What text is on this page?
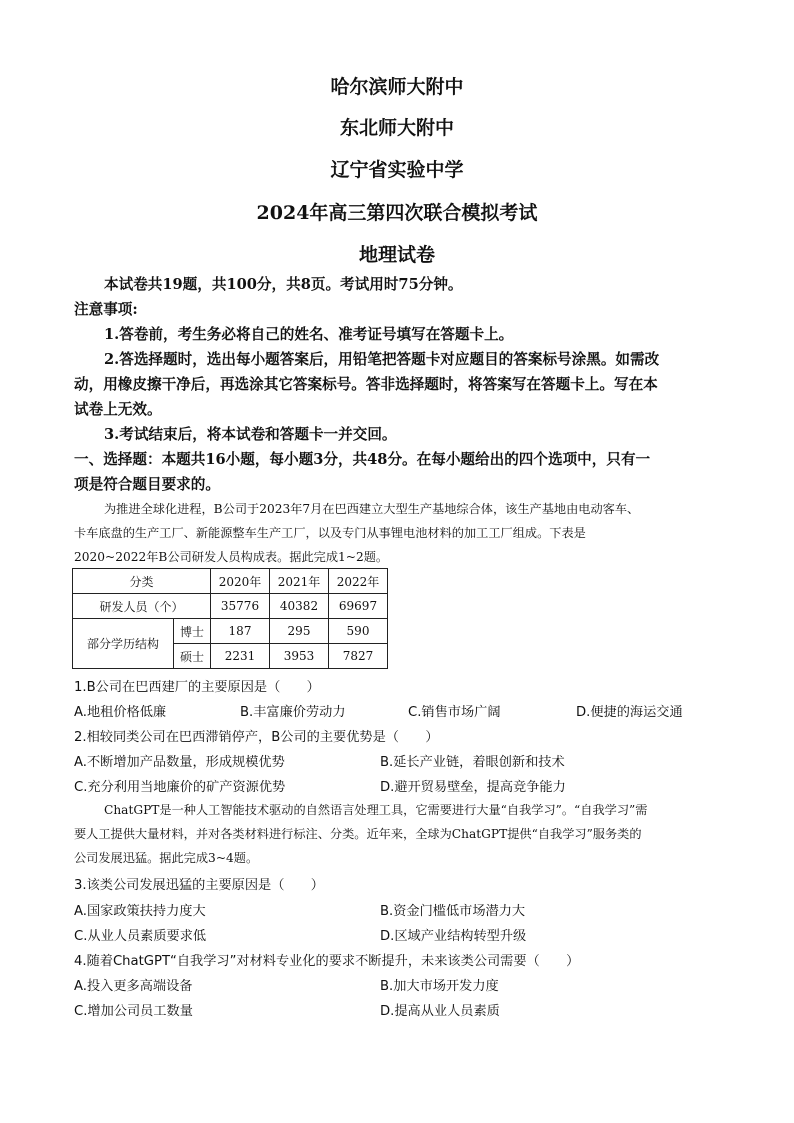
哈尔滨师大附中
东北师大附中
辽宁省实验中学
2024年高三第四次联合模拟考试
地理试卷
本试卷共19题，共100分，共8页。考试用时75分钟。
注意事项:
1.答卷前，考生务必将自己的姓名、准考证号填写在答题卡上。
2.答选择题时，选出每小题答案后，用铅笔把答题卡对应题目的答案标号涂黑。如需改
动，用橡皮擦干净后，再选涂其它答案标号。答非选择题时，将答案写在答题卡上。写在本
试卷上无效。
3.考试结束后，将本试卷和答题卡一并交回。
一、选择题：本题共16小题，每小题3分，共48分。在每小题给出的四个选项中，只有一
项是符合题目要求的。
为推进全球化进程，B公司于2023年7月在巴西建立大型生产基地综合体，该生产基地由电动客车、
卡车底盘的生产工厂、新能源整车生产工厂，以及专门从事锂电池材料的加工工厂组成。下表是
2020~2022年B公司研发人员构成表。据此完成1~2题。
分类		2020年	2021年	2022年
研发人员（个）		35776	40382	69697
部分学历结构	博士	187	295	590
	硕士	2231	3953	7827
1.B公司在巴西建厂的主要原因是（　　）
A.地租价格低廉	B.丰富廉价劳动力	C.销售市场广阔	D.便捷的海运交通
2.相较同类公司在巴西滞销停产，B公司的主要优势是（　　）
A.不断增加产品数量，形成规模优势	B.延长产业链，着眼创新和技术
C.充分利用当地廉价的矿产资源优势	D.避开贸易壁垒，提高竞争能力
ChatGPT是一种人工智能技术驱动的自然语言处理工具，它需要进行大量“自我学习”。“自我学习”需
要人工提供大量材料，并对各类材料进行标注、分类。近年来，全球为ChatGPT提供“自我学习”服务类的
公司发展迅猛。据此完成3~4题。
3.该类公司发展迅猛的主要原因是（　　）
A.国家政策扶持力度大	B.资金门槛低市场潜力大
C.从业人员素质要求低	D.区域产业结构转型升级
4.随着ChatGPT“自我学习”对材料专业化的要求不断提升，未来该类公司需要（　　）
A.投入更多高端设备	B.加大市场开发力度
C.增加公司员工数量	D.提高从业人员素质
